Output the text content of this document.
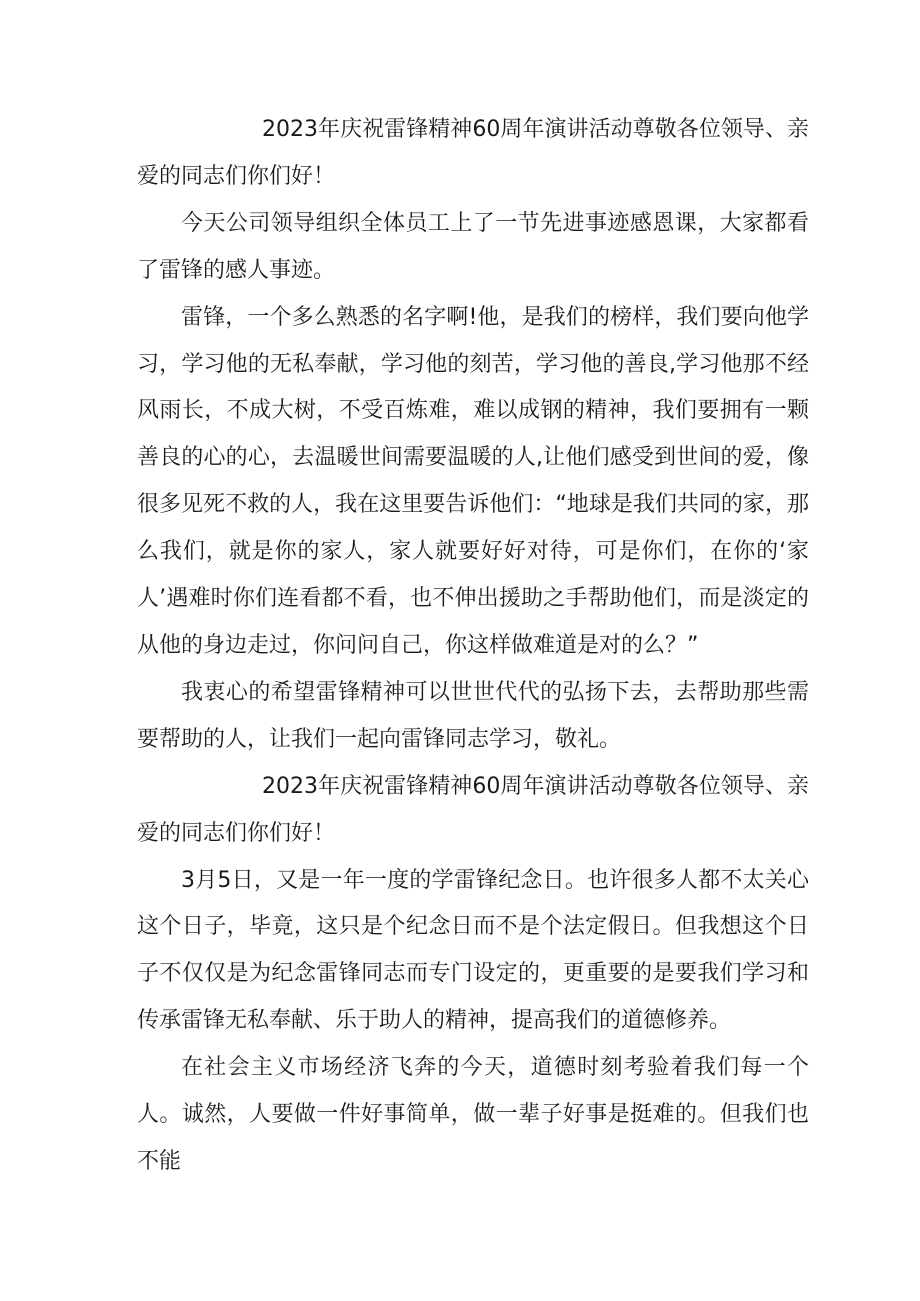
2023年庆祝雷锋精神60周年演讲活动尊敬各位领导、亲爱的同志们你们好！

今天公司领导组织全体员工上了一节先进事迹感恩课，大家都看了雷锋的感人事迹。

雷锋，一个多么熟悉的名字啊!他，是我们的榜样，我们要向他学习，学习他的无私奉献，学习他的刻苦，学习他的善良,学习他那不经风雨长，不成大树，不受百炼难，难以成钢的精神，我们要拥有一颗善良的心的心，去温暖世间需要温暖的人,让他们感受到世间的爱，像很多见死不救的人，我在这里要告诉他们：“地球是我们共同的家，那么我们，就是你的家人，家人就要好好对待，可是你们，在你的‘家人’遇难时你们连看都不看，也不伸出援助之手帮助他们，而是淡定的从他的身边走过，你问问自己，你这样做难道是对的么？”

我衷心的希望雷锋精神可以世世代代的弘扬下去，去帮助那些需要帮助的人，让我们一起向雷锋同志学习，敬礼。

2023年庆祝雷锋精神60周年演讲活动尊敬各位领导、亲爱的同志们你们好！

3月5日，又是一年一度的学雷锋纪念日。也许很多人都不太关心这个日子，毕竟，这只是个纪念日而不是个法定假日。但我想这个日子不仅仅是为纪念雷锋同志而专门设定的，更重要的是要我们学习和传承雷锋无私奉献、乐于助人的精神，提高我们的道德修养。

在社会主义市场经济飞奔的今天，道德时刻考验着我们每一个人。诚然，人要做一件好事简单，做一辈子好事是挺难的。但我们也不能
